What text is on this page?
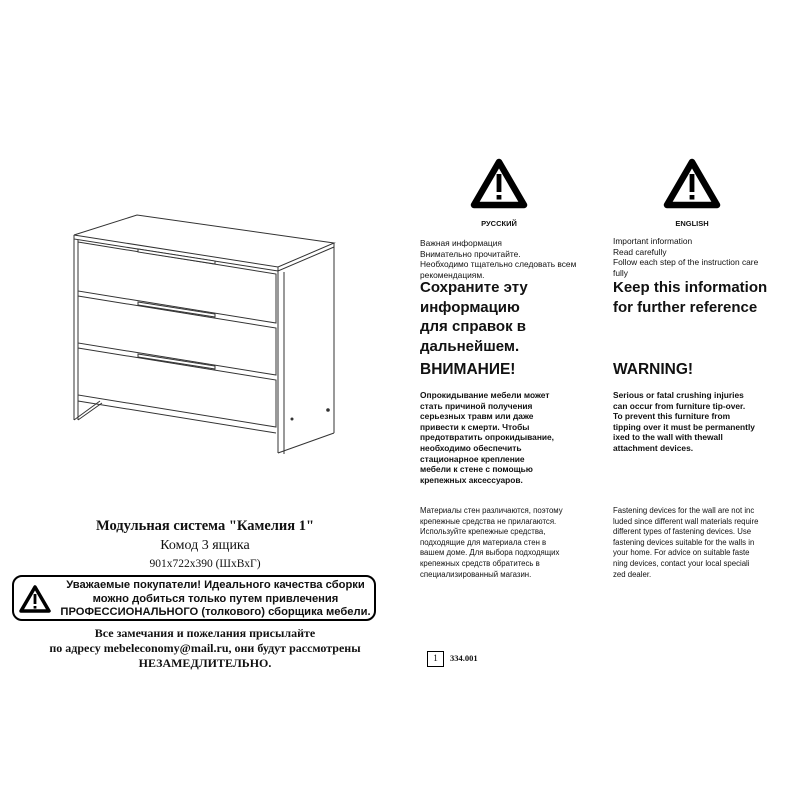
Модульная система "Камелия 1"
Комод 3 ящика
901x722x390 (ШхВхГ)
Уважаемые покупатели! Идеального качества сборки
можно добиться только путем привлечения
ПРОФЕССИОНАЛЬНОГО (толкового) сборщика мебели.
Все замечания и пожелания присылайте
по адресу mebeleconomy@mail.ru, они будут рассмотрены
НЕЗАМЕДЛИТЕЛЬНО.
РУССКИЙ

Важная информация

Внимательно прочитайте.

Необходимо тщательно следовать всем

рекомендациям.

Сохраните эту
информацию
для справок в
дальнейшем.
ВНИМАНИЕ!

Опрокидывание мебели может

стать причиной получения

серьезных травм или даже

привести к смерти. Чтобы

предотвратить опрокидывание,

необходимо обеспечить

стационарное крепление

мебели к стене с помощью

крепежных аксессуаров.

Материалы стен различаются, поэтому

крепежные средства не прилагаются.

Используйте крепежные средства,

подходящие для материала стен в

вашем доме. Для выбора подходящих

крепежных средств обратитесь в

специализированный магазин.

ENGLISH

Important information

Read carefully

Follow each step of the instruction care

fully

Keep this information
for further reference
WARNING!

Serious or fatal crushing injuries

can occur from furniture tip-over.

To prevent this furniture from

tipping over it must be permanently

ixed to the wall with thewall

attachment devices.

Fastening devices for the wall are not inc

luded since different wall materials require

different types of fastening devices. Use

fastening devices suitable for the walls in

your home. For advice on suitable faste

ning devices, contact your local speciali

zed dealer.

1	334.001
